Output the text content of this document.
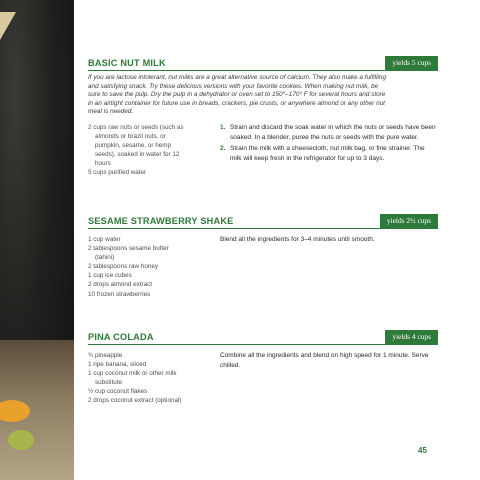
BASIC NUT MILK	yields 5 cups
If you are lactose intolerant, nut milks are a great alternative source of calcium. They also make a fulfilling and satisfying snack. Try these delicious versions with your favorite cookies. When making nut milk, be sure to save the pulp. Dry the pulp in a dehydrator or oven set to 150°–170° F for several hours and store in an airtight container for future use in breads, crackers, pie crusts, or anywhere almond or any other nut meal is needed.
2 cups raw nuts or seeds (such as almonds or brazil nuts, or pumpkin, sesame, or hemp seeds), soaked in water for 12 hours
5 cups purified water
1. Strain and discard the soak water in which the nuts or seeds have been soaked. In a blender, puree the nuts or seeds with the pure water.
2. Strain the milk with a cheesecloth, nut milk bag, or fine strainer. The milk will keep fresh in the refrigerator for up to 3 days.
SESAME STRAWBERRY SHAKE	yields 2½ cups
1 cup water
2 tablespoons sesame butter (tahini)
2 tablespoons raw honey
1 cup ice cubes
2 drops almond extract
10 frozen strawberries
Blend all the ingredients for 3–4 minutes until smooth.
PINA COLADA	yields 4 cups
¾ pineapple
1 ripe banana, sliced
1 cup coconut milk or other milk substitute
½ cup coconut flakes
2 drops coconut extract (optional)
Combine all the ingredients and blend on high speed for 1 minute. Serve chilled.
45
